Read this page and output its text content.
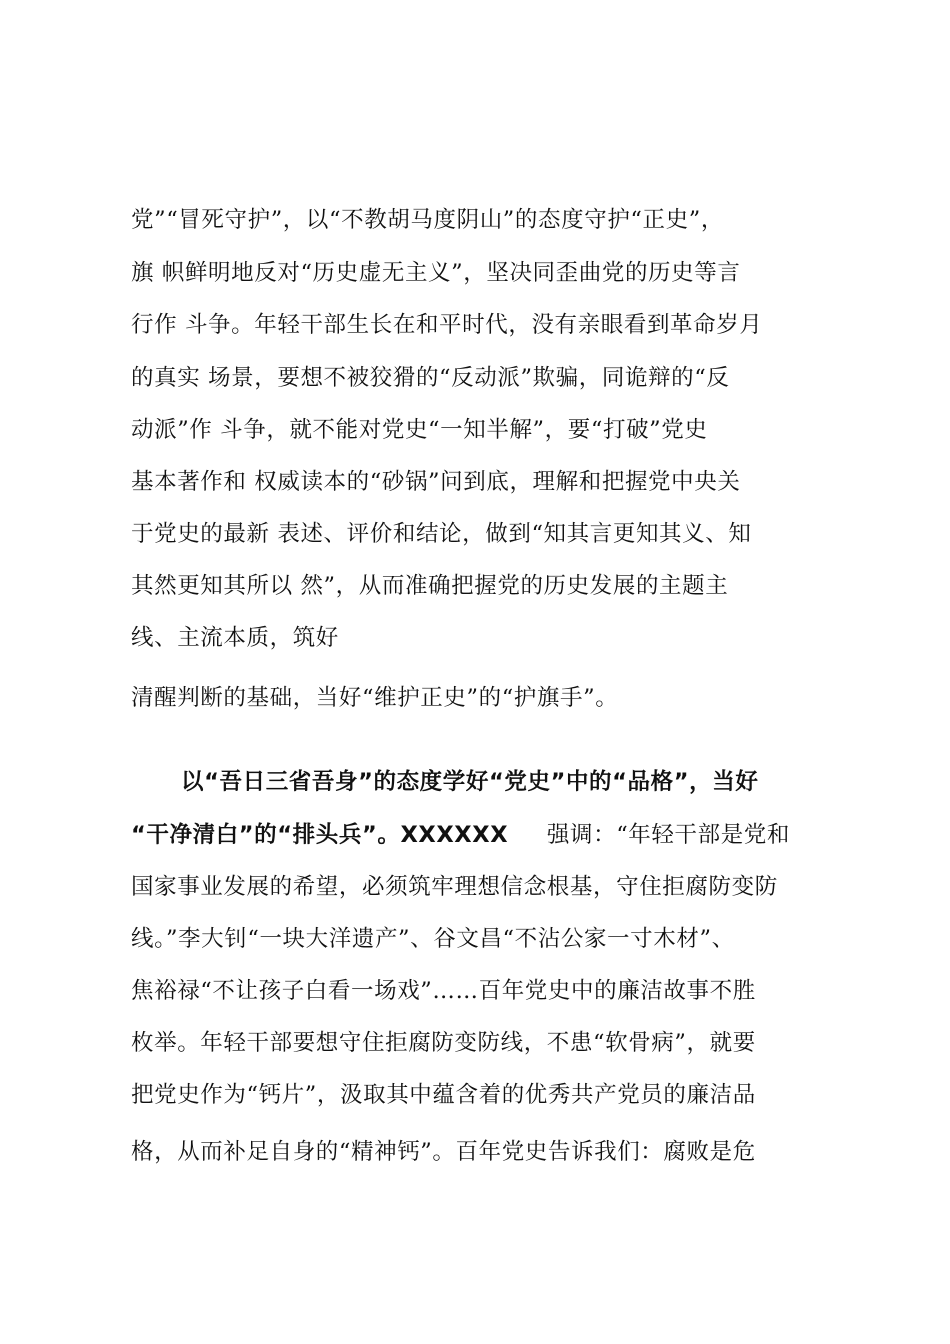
党”“冒死守护”，以“不教胡马度阴山”的态度守护“正史”，
旗 帜鲜明地反对“历史虚无主义”，坚决同歪曲党的历史等言
行作 斗争。年轻干部生长在和平时代，没有亲眼看到革命岁月
的真实 场景，要想不被狡猾的“反动派”欺骗，同诡辩的“反
动派”作 斗争，就不能对党史“一知半解”，要“打破”党史
基本著作和 权威读本的“砂锅”问到底，理解和把握党中央关
于党史的最新 表述、评价和结论，做到“知其言更知其义、知
其然更知其所以 然”，从而准确把握党的历史发展的主题主
线、主流本质，筑好
清醒判断的基础，当好“维护正史”的“护旗手”。
以“吾日三省吾身”的态度学好“党史”中的“品格”，当好
“干净清白”的“排头兵”。XXXXXX     强调：“年轻干部是党和
国家事业发展的希望，必须筑牢理想信念根基，守住拒腐防变防
线。”李大钊“一块大洋遗产”、谷文昌“不沾公家一寸木材”、
焦裕禄“不让孩子白看一场戏”……百年党史中的廉洁故事不胜
枚举。年轻干部要想守住拒腐防变防线，不患“软骨病”，就要
把党史作为“钙片”，汲取其中蕴含着的优秀共产党员的廉洁品
格，从而补足自身的“精神钙”。百年党史告诉我们：腐败是危
